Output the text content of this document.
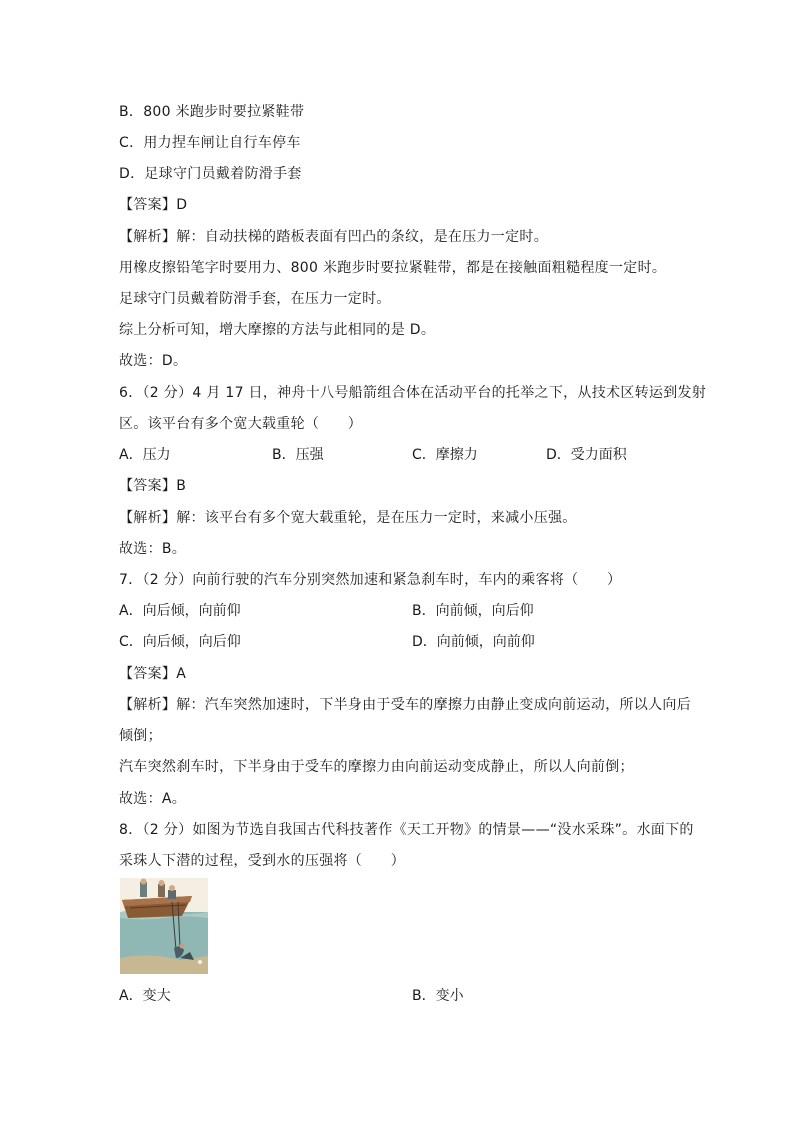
B．800 米跑步时要拉紧鞋带
C．用力捏车闸让自行车停车
D．足球守门员戴着防滑手套
【答案】D
【解析】解：自动扶梯的踏板表面有凹凸的条纹，是在压力一定时。
用橡皮擦铅笔字时要用力、800 米跑步时要拉紧鞋带，都是在接触面粗糙程度一定时。
足球守门员戴着防滑手套，在压力一定时。
综上分析可知，增大摩擦的方法与此相同的是 D。
故选：D。
6．（2 分）4 月 17 日，神舟十八号船箭组合体在活动平台的托举之下，从技术区转运到发射
区。该平台有多个宽大载重轮（　　）
A．压力	B．压强	C．摩擦力	D．受力面积
【答案】B
【解析】解：该平台有多个宽大载重轮，是在压力一定时，来减小压强。
故选：B。
7．（2 分）向前行驶的汽车分别突然加速和紧急刹车时，车内的乘客将（　　）
A．向后倾，向前仰	B．向前倾，向后仰
C．向后倾，向后仰	D．向前倾，向前仰
【答案】A
【解析】解：汽车突然加速时，下半身由于受车的摩擦力由静止变成向前运动，所以人向后
倾倒；
汽车突然刹车时，下半身由于受车的摩擦力由向前运动变成静止，所以人向前倒；
故选：A。
8．（2 分）如图为节选自我国古代科技著作《天工开物》的情景——“没水采珠”。水面下的
采珠人下潜的过程，受到水的压强将（　　）
A．变大	B．变小
